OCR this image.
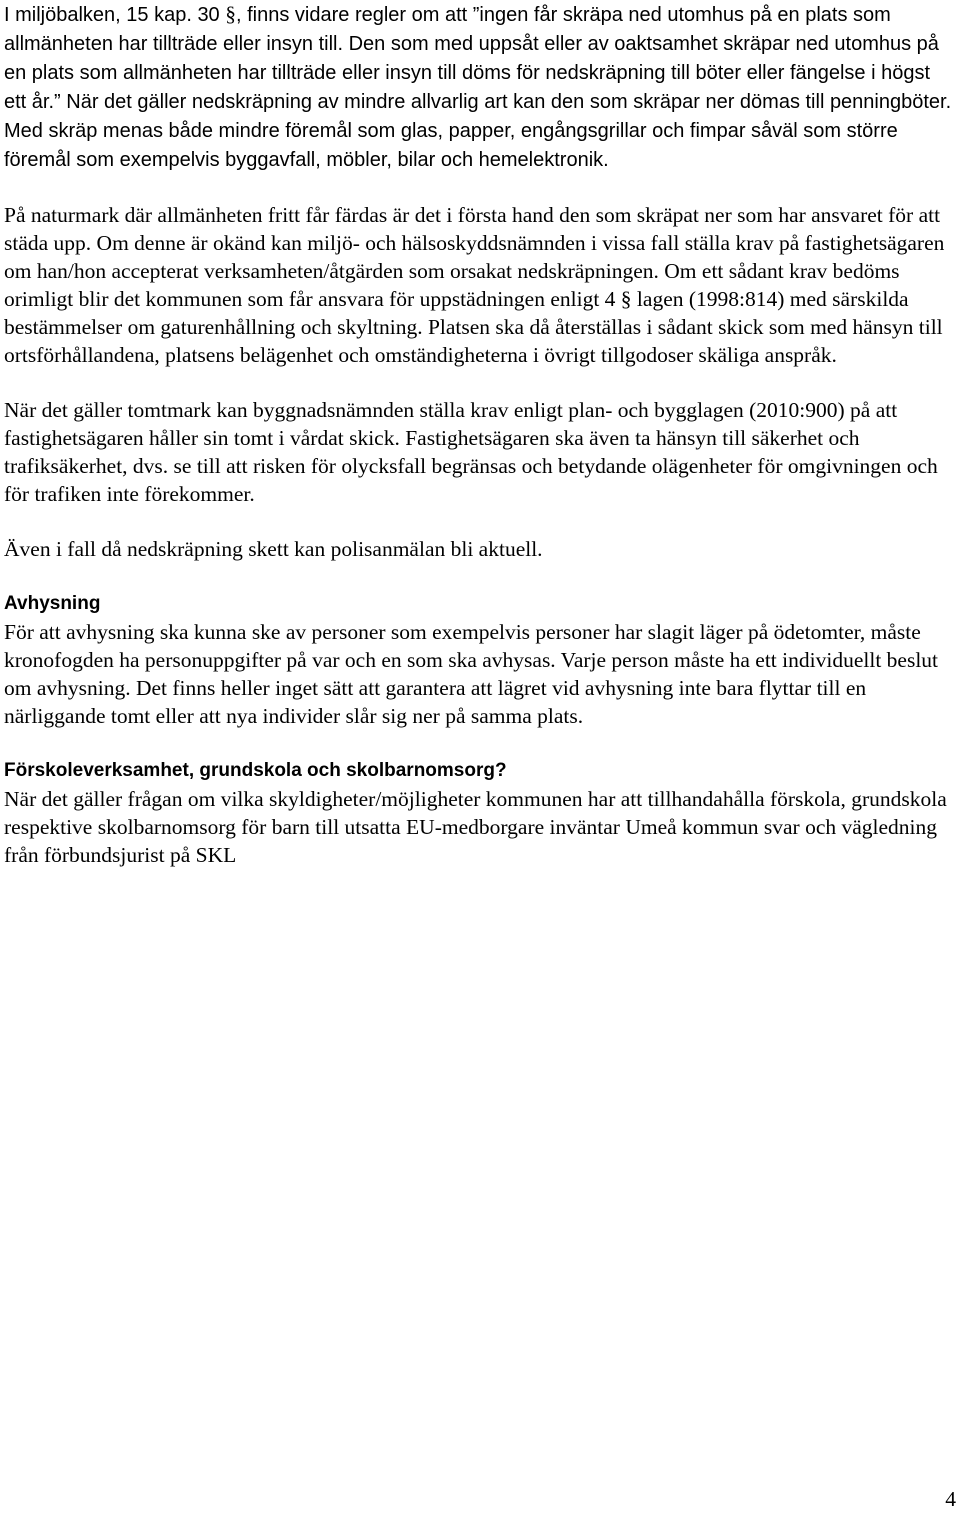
I miljöbalken, 15 kap. 30 §, finns vidare regler om att ”ingen får skräpa ned utomhus på en plats som allmänheten har tillträde eller insyn till. Den som med uppsåt eller av oaktsamhet skräpar ned utomhus på en plats som allmänheten har tillträde eller insyn till döms för nedskräpning till böter eller fängelse i högst ett år.” När det gäller nedskräpning av mindre allvarlig art kan den som skräpar ner dömas till penningböter. Med skräp menas både mindre föremål som glas, papper, engångsgrillar och fimpar såväl som större föremål som exempelvis byggavfall, möbler, bilar och hemelektronik.

På naturmark där allmänheten fritt får färdas är det i första hand den som skräpat ner som har ansvaret för att städa upp. Om denne är okänd kan miljö- och hälsoskyddsnämnden i vissa fall ställa krav på fastighetsägaren om han/hon accepterat verksamheten/åtgärden som orsakat nedskräpningen. Om ett sådant krav bedöms orimligt blir det kommunen som får ansvara för uppstädningen enligt 4 § lagen (1998:814) med särskilda bestämmelser om gaturenhållning och skyltning. Platsen ska då återställas i sådant skick som med hänsyn till ortsförhållandena, platsens belägenhet och omständigheterna i övrigt tillgodoser skäliga anspråk.

När det gäller tomtmark kan byggnadsnämnden ställa krav enligt plan- och bygglagen (2010:900) på att fastighetsägaren håller sin tomt i vårdat skick. Fastighetsägaren ska även ta hänsyn till säkerhet och trafiksäkerhet, dvs. se till att risken för olycksfall begränsas och betydande olägenheter för omgivningen och för trafiken inte förekommer.

Även i fall då nedskräpning skett kan polisanmälan bli aktuell.

Avhysning

För att avhysning ska kunna ske av personer som exempelvis personer har slagit läger på ödetomter, måste kronofogden ha personuppgifter på var och en som ska avhysas. Varje person måste ha ett individuellt beslut om avhysning. Det finns heller inget sätt att garantera att lägret vid avhysning inte bara flyttar till en närliggande tomt eller att nya individer slår sig ner på samma plats.

Förskoleverksamhet, grundskola och skolbarnomsorg?

När det gäller frågan om vilka skyldigheter/möjligheter kommunen har att tillhandahålla förskola, grundskola respektive skolbarnomsorg för barn till utsatta EU-medborgare inväntar Umeå kommun svar och vägledning från förbundsjurist på SKL

4
